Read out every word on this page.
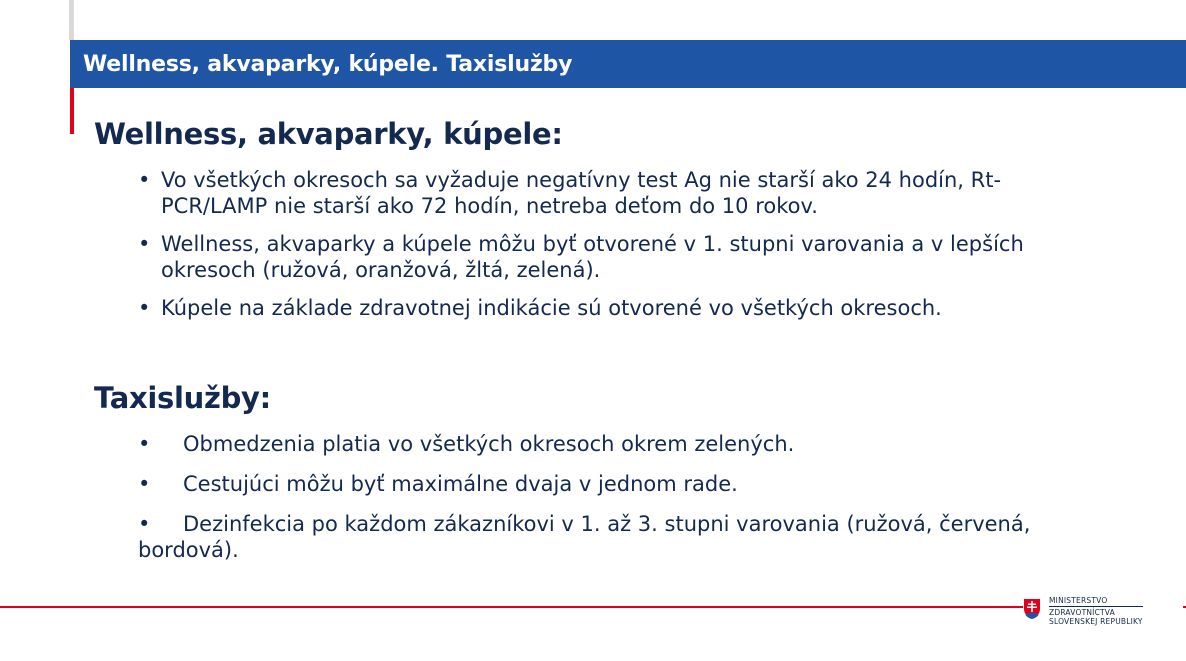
Wellness, akvaparky, kúpele. Taxislužby
Wellness, akvaparky, kúpele:
• Vo všetkých okresoch sa vyžaduje negatívny test Ag nie starší ako 24 hodín, Rt-PCR/LAMP nie starší ako 72 hodín, netreba deťom do 10 rokov.
• Wellness, akvaparky a kúpele môžu byť otvorené v 1. stupni varovania a v lepších okresoch (ružová, oranžová, žltá, zelená).
• Kúpele na základe zdravotnej indikácie sú otvorené vo všetkých okresoch.
Taxislužby:
• Obmedzenia platia vo všetkých okresoch okrem zelených.
• Cestujúci môžu byť maximálne dvaja v jednom rade.
• Dezinfekcia po každom zákazníkovi v 1. až 3. stupni varovania (ružová, červená, bordová).
MINISTERSTVO
ZDRAVOTNÍCTVA
SLOVENSKEJ REPUBLIKY
